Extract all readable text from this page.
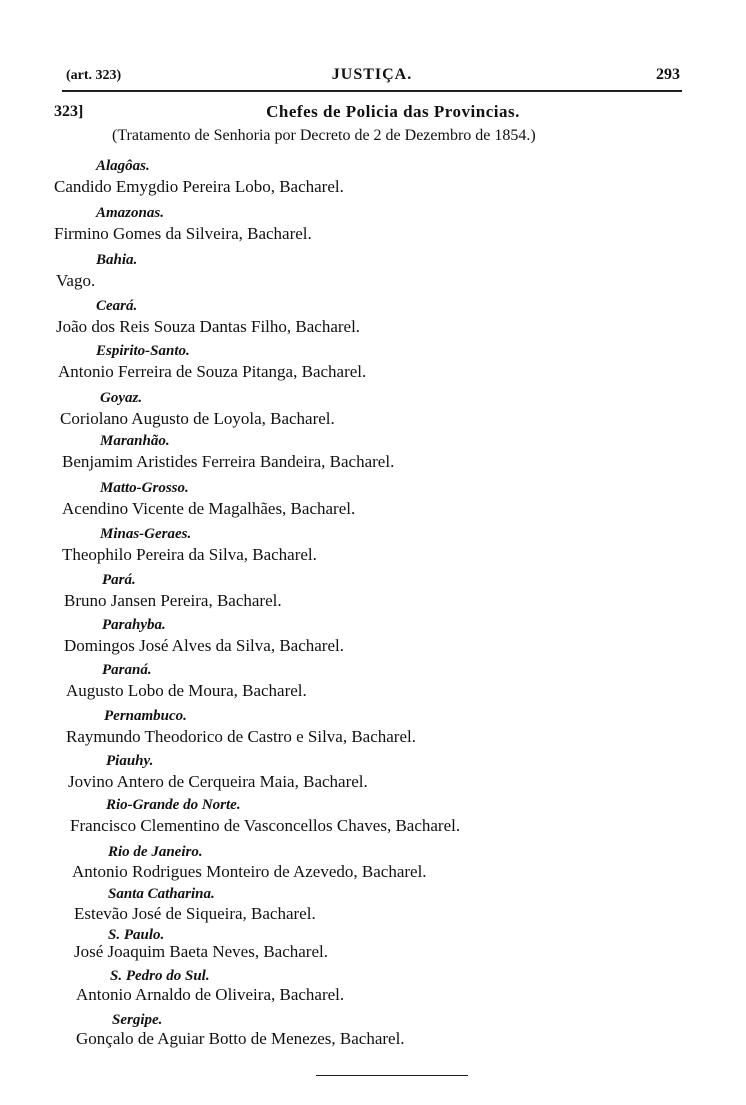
(art. 323)	JUSTIÇA.	293
323]	Chefes de Policia das Provincias.
(Tratamento de Senhoria por Decreto de 2 de Dezembro de 1854.)
Alagôas.
Candido Emygdio Pereira Lobo, Bacharel.
Amazonas.
Firmino Gomes da Silveira, Bacharel.
Bahia.
Vago.
Ceará.
João dos Reis Souza Dantas Filho, Bacharel.
Espirito-Santo.
Antonio Ferreira de Souza Pitanga, Bacharel.
Goyaz.
Coriolano Augusto de Loyola, Bacharel.
Maranhão.
Benjamim Aristides Ferreira Bandeira, Bacharel.
Matto-Grosso.
Acendino Vicente de Magalhães, Bacharel.
Minas-Geraes.
Theophilo Pereira da Silva, Bacharel.
Pará.
Bruno Jansen Pereira, Bacharel.
Parahyba.
Domingos José Alves da Silva, Bacharel.
Paraná.
Augusto Lobo de Moura, Bacharel.
Pernambuco.
Raymundo Theodorico de Castro e Silva, Bacharel.
Piauhy.
Jovino Antero de Cerqueira Maia, Bacharel.
Rio-Grande do Norte.
Francisco Clementino de Vasconcellos Chaves, Bacharel.
Rio de Janeiro.
Antonio Rodrigues Monteiro de Azevedo, Bacharel.
Santa Catharina.
Estevão José de Siqueira, Bacharel.
S. Paulo.
José Joaquim Baeta Neves, Bacharel.
S. Pedro do Sul.
Antonio Arnaldo de Oliveira, Bacharel.
Sergipe.
Gonçalo de Aguiar Botto de Menezes, Bacharel.
